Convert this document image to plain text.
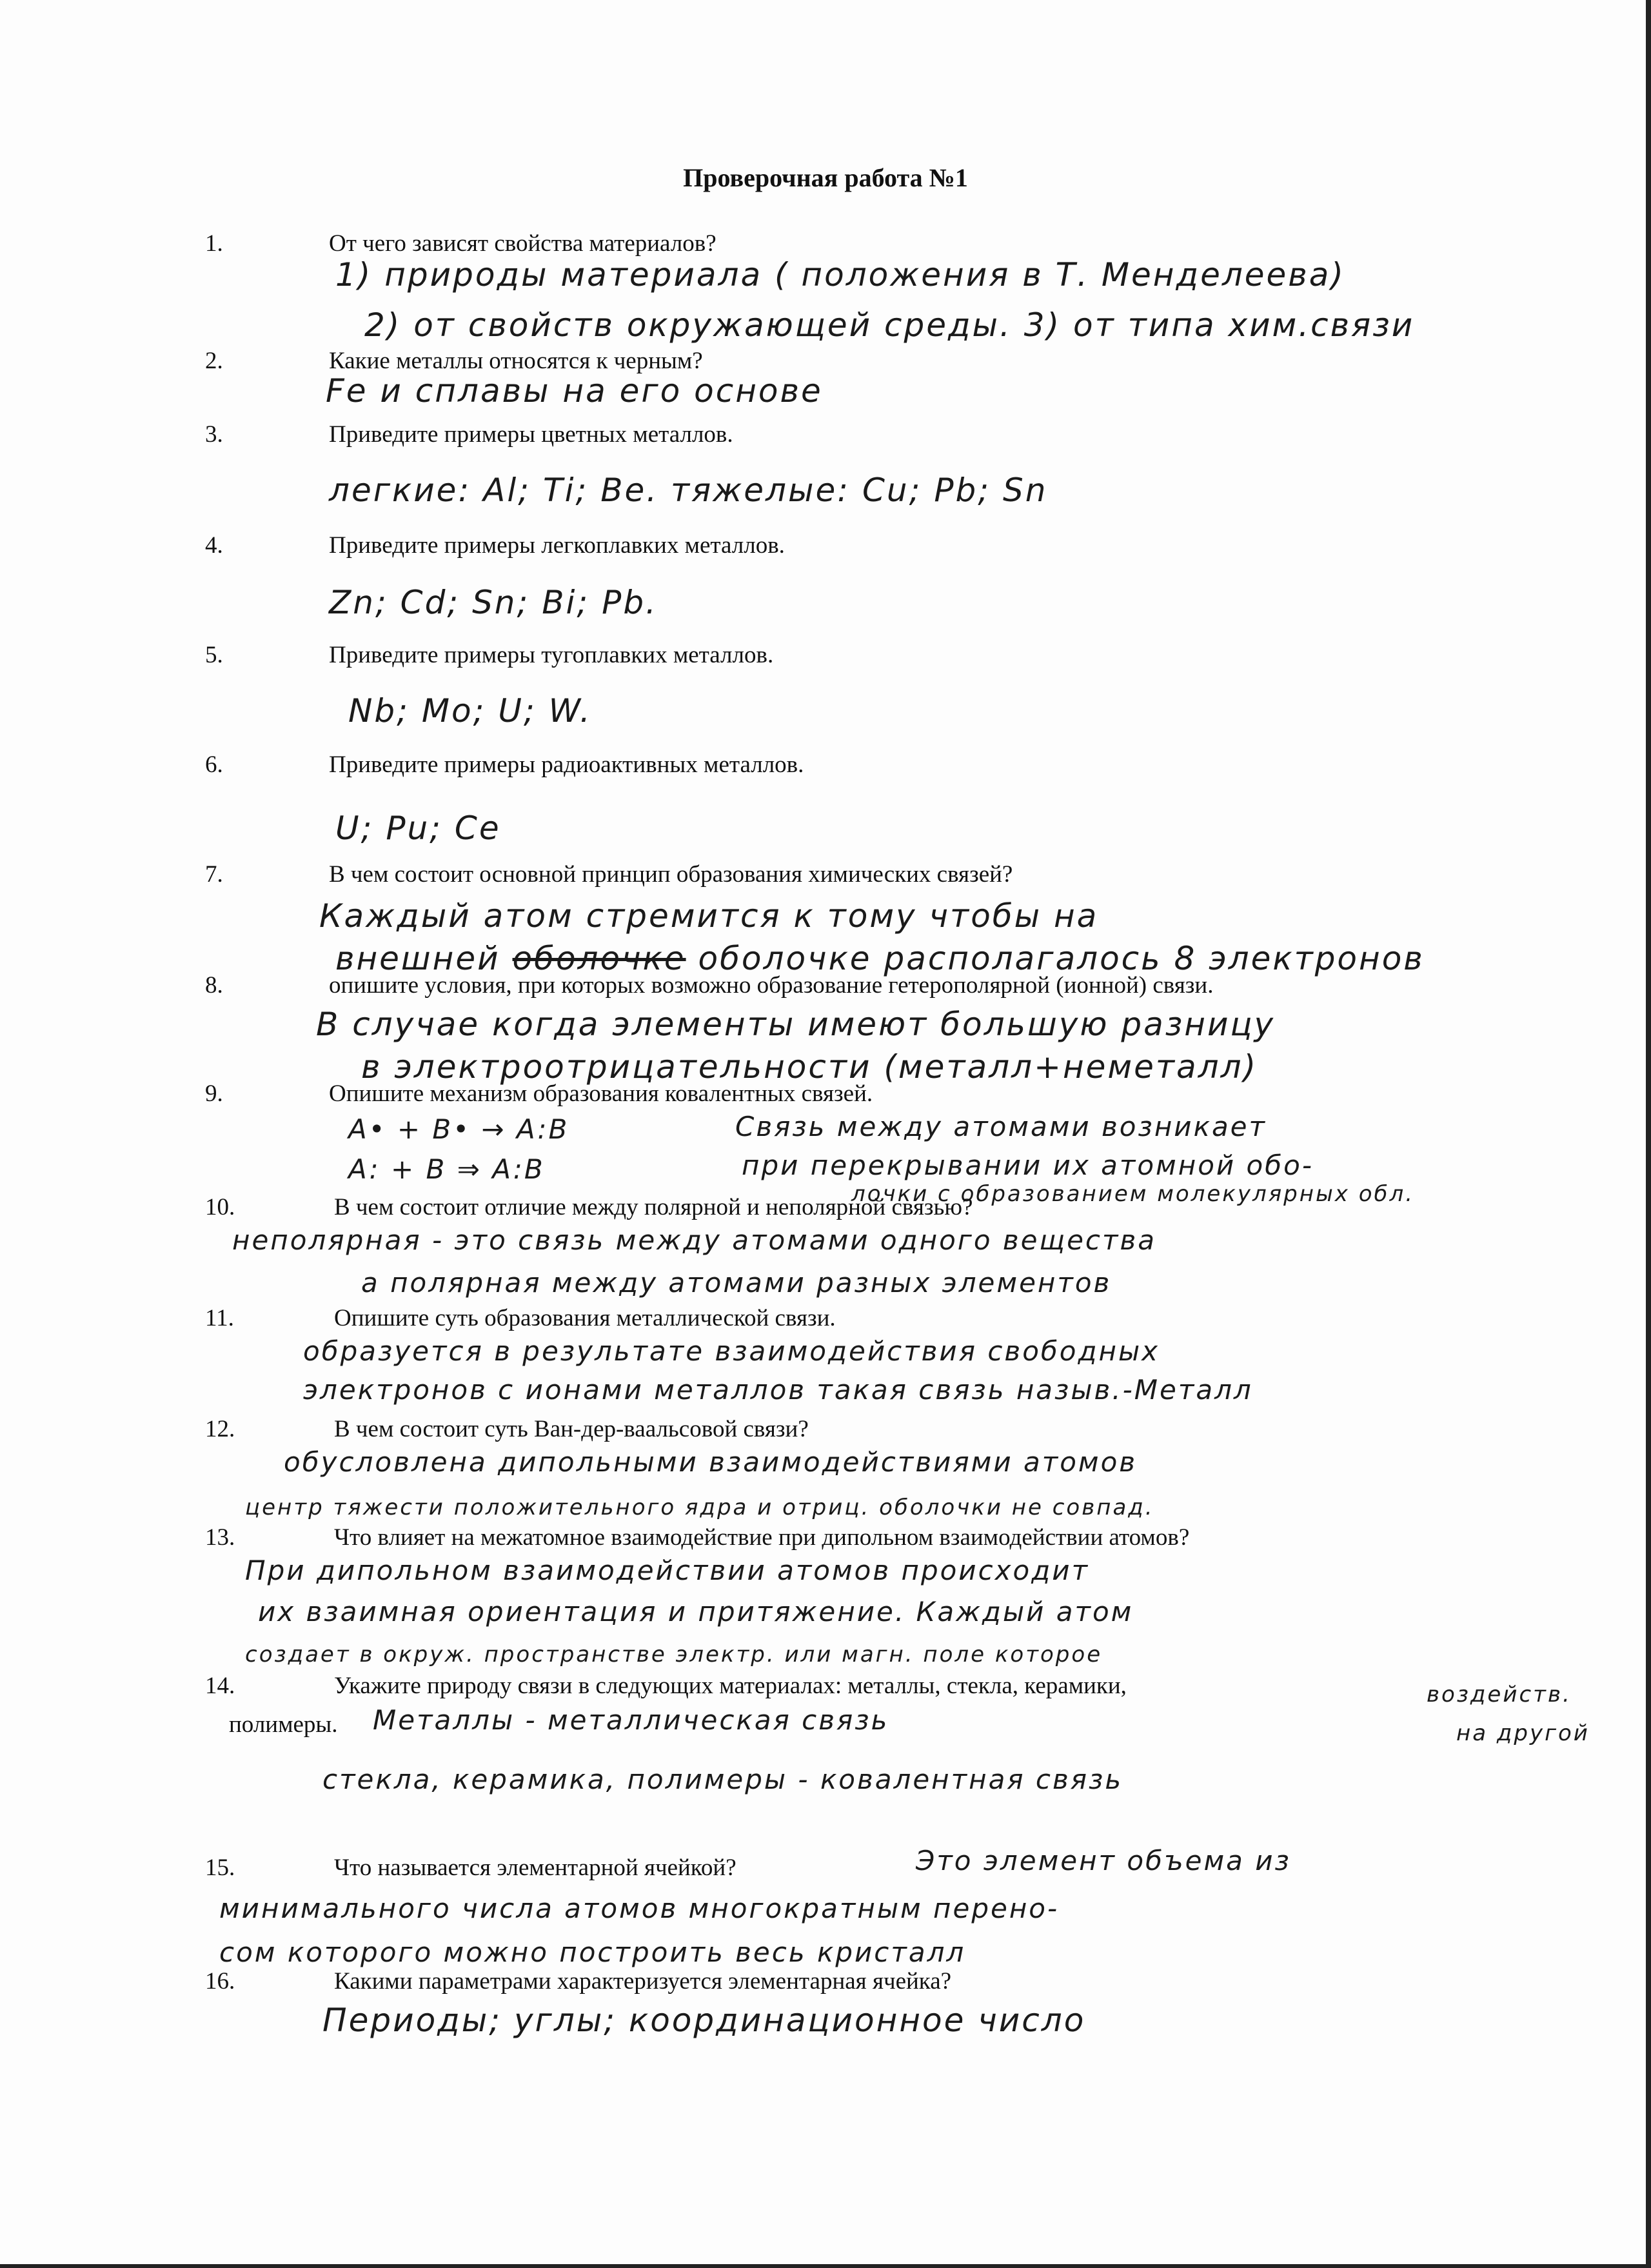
Проверочная работа №1
1.	От чего зависят свойства материалов?
1) природы материала ( положения в Т. Менделеева)
2) от свойств окружающей среды. 3) от типа хим.связи
2.	Какие металлы относятся к черным?
Fe и сплавы на его основе
3.	Приведите примеры цветных металлов.
легкие: Al; Ti; Be. тяжелые: Cu; Pb; Sn
4.	Приведите примеры легкоплавких металлов.
Zn; Cd; Sn; Bi; Pb.
5.	Приведите примеры тугоплавких металлов.
Nb; Mo; U; W.
6.	Приведите примеры радиоактивных металлов.
U; Pu; Ce
7.	В чем состоит основной принцип образования химических связей?
Каждый атом стремится к тому чтобы на
внешней оболочке оболочке располагалось 8 электронов
8.	опишите условия, при которых возможно образование гетерополярной (ионной) связи.
В случае когда элементы имеют большую разницу
в электроотрицательности (металл+неметалл)
9.	Опишите механизм образования ковалентных связей.
A• + B• → A:B
A: + B ⇒ A:B
Связь между атомами возникает
при перекрывании их атомной обо-
лочки с образованием молекулярных обл.
10.	В чем состоит отличие между полярной и неполярной связью?
неполярная - это связь между атомами одного вещества
а полярная между атомами разных элементов
11.	Опишите суть образования металлической связи.
образуется в результате взаимодействия свободных
электронов с ионами металлов такая связь назыв.-Металл
12.	В чем состоит суть Ван-дер-ваальсовой связи?
обусловлена дипольными взаимодействиями атомов
центр тяжести положительного ядра и отриц. оболочки не совпад.
13.	Что влияет на межатомное взаимодействие при дипольном взаимодействии атомов?
При дипольном взаимодействии атомов происходит
их взаимная ориентация и притяжение. Каждый атом
создает в окруж. пространстве электр. или магн. поле которое
14.	Укажите природу связи в следующих материалах: металлы, стекла, керамики,
полимеры.
воздейств.
на другой
Металлы - металлическая связь
стекла, керамика, полимеры - ковалентная связь
15.	Что называется элементарной ячейкой?	Это элемент объема из
минимального числа атомов многократным перено-
сом которого можно построить весь кристалл
16.	Какими параметрами характеризуется элементарная ячейка?
Периоды; углы; координационное число
